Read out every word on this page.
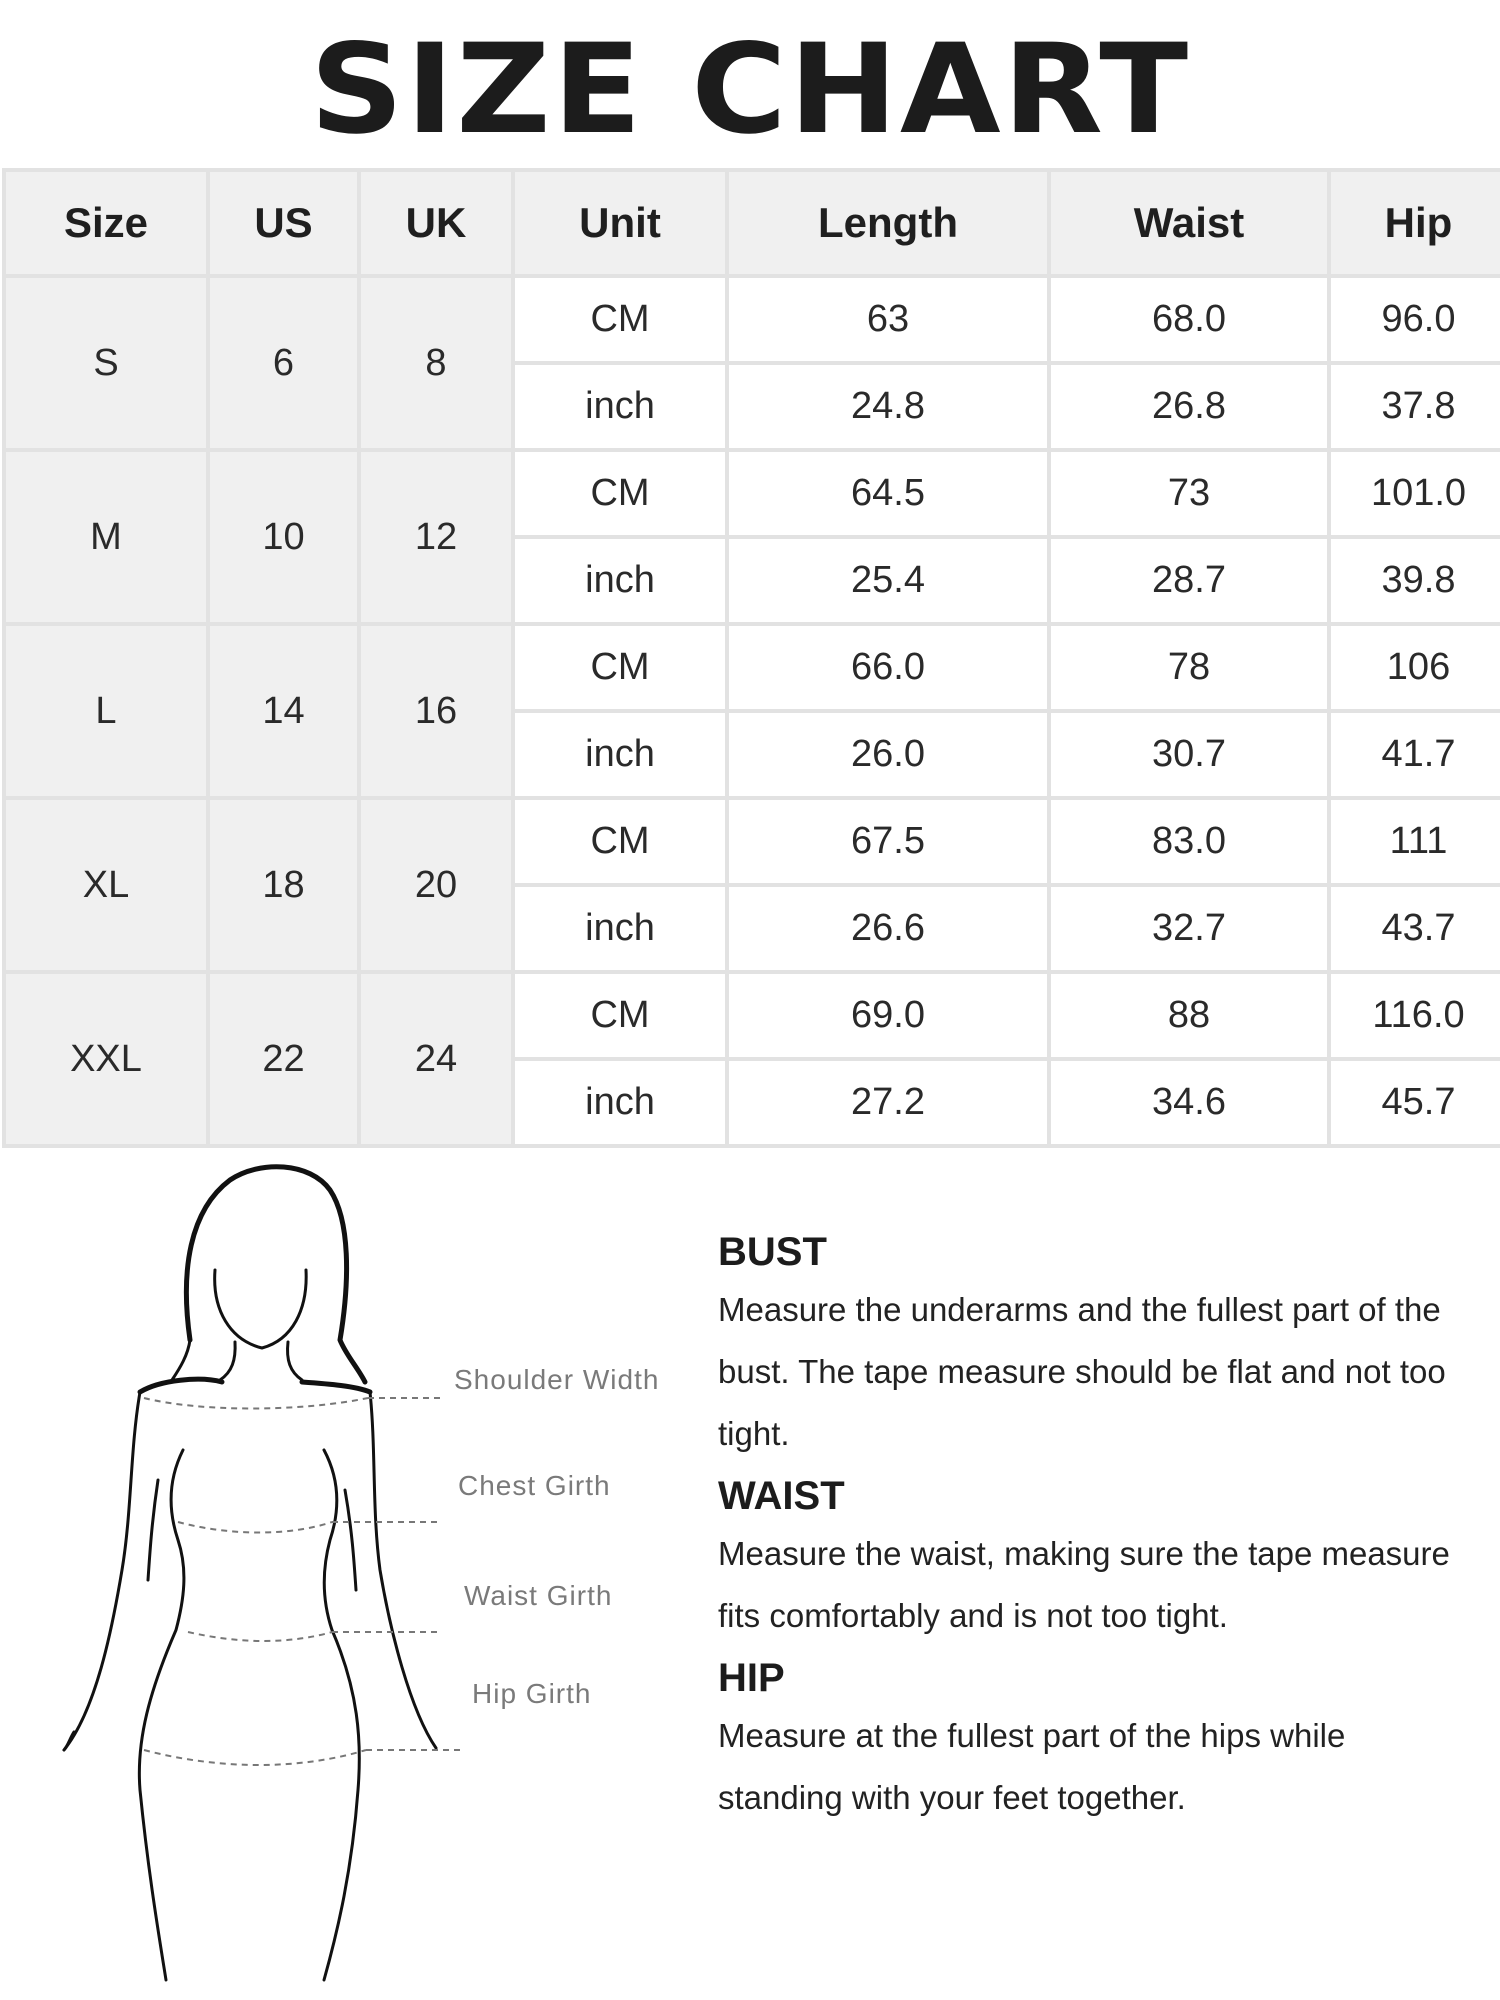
SIZE CHART
Size	US	UK	Unit	Length	Waist	Hip
S	6	8	CM	63	68.0	96.0
			inch	24.8	26.8	37.8
M	10	12	CM	64.5	73	101.0
			inch	25.4	28.7	39.8
L	14	16	CM	66.0	78	106
			inch	26.0	30.7	41.7
XL	18	20	CM	67.5	83.0	111
			inch	26.6	32.7	43.7
XXL	22	24	CM	69.0	88	116.0
			inch	27.2	34.6	45.7
Shoulder Width
Chest Girth
Waist Girth
Hip Girth
BUST

Measure the underarms and the fullest part of the bust. The tape measure should be flat and not too tight.

WAIST

Measure the waist, making sure the tape measure fits comfortably and is not too tight.

HIP

Measure at the fullest part of the hips while standing with your feet together.
